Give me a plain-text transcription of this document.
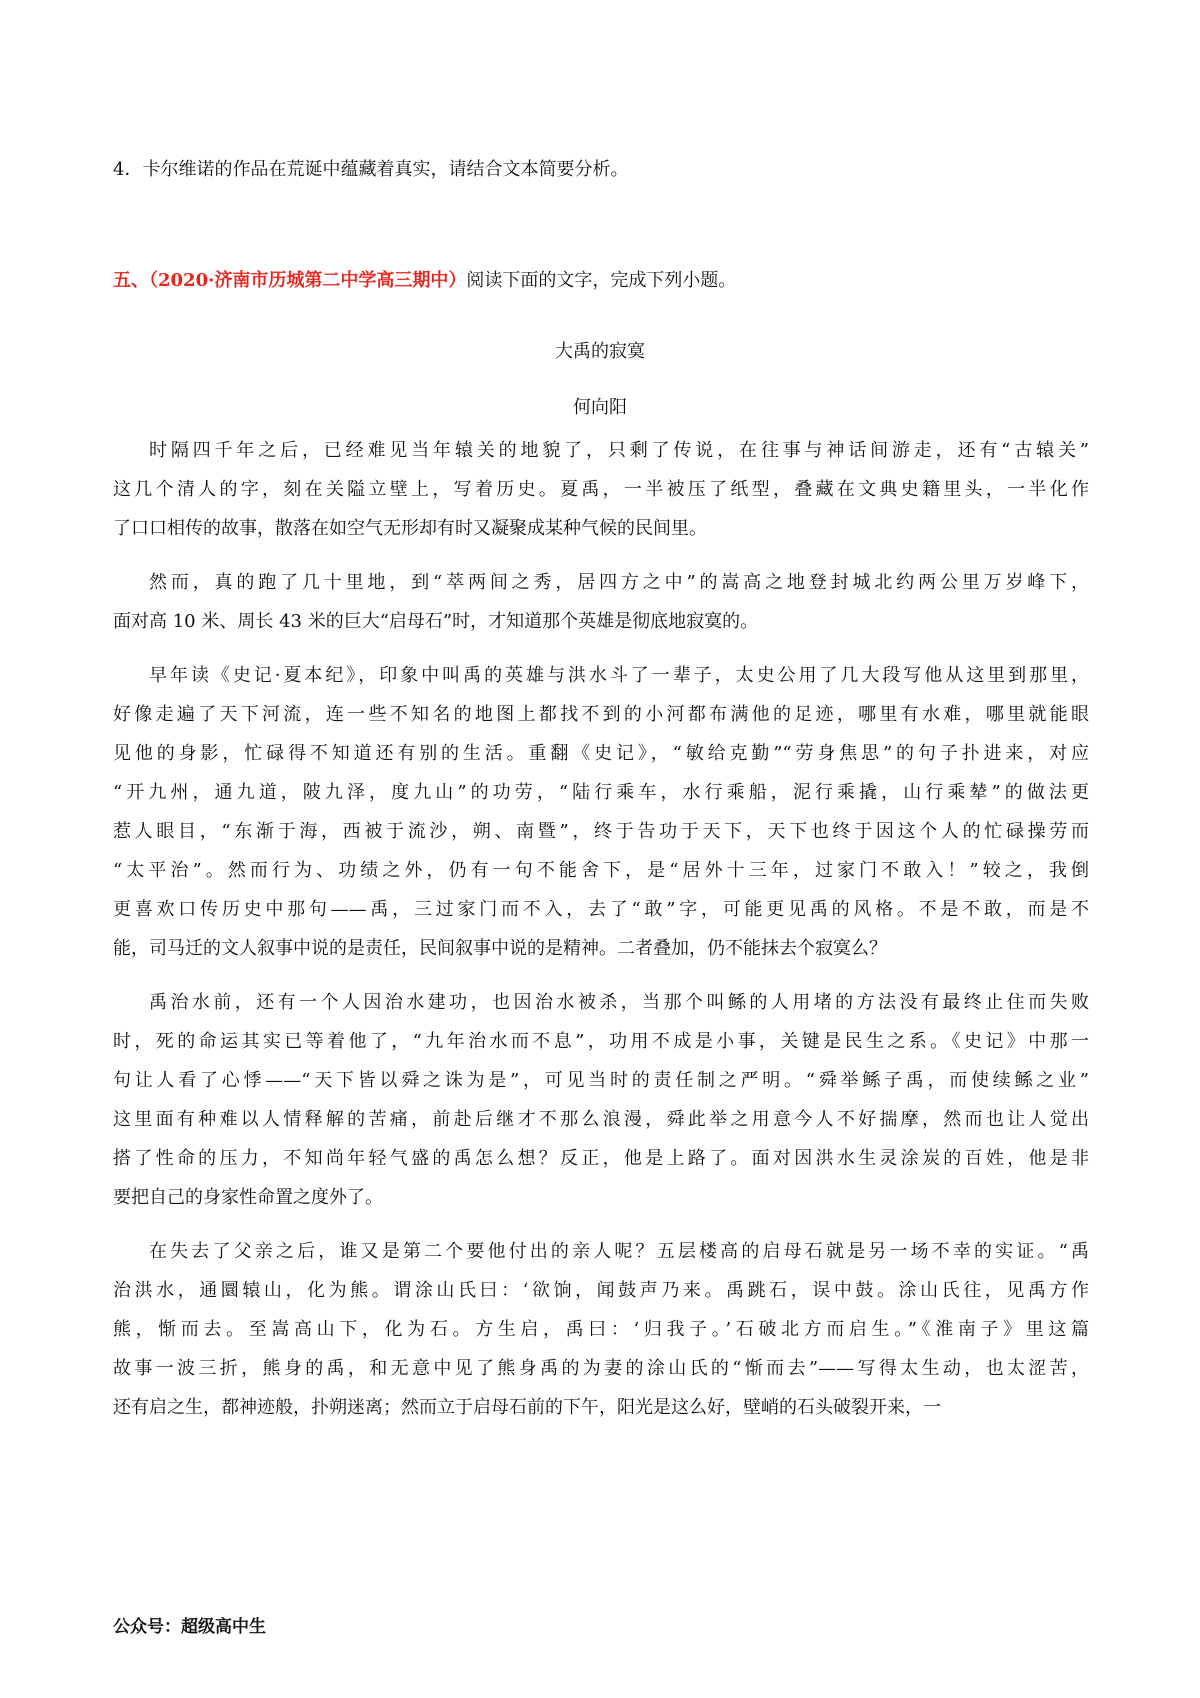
4．卡尔维诺的作品在荒诞中蕴藏着真实，请结合文本简要分析。
五、（2020·济南市历城第二中学高三期中）阅读下面的文字，完成下列小题。
大禹的寂寞
何向阳
时隔四千年之后，已经难见当年辕关的地貌了，只剩了传说，在往事与神话间游走，还有“古辕关”
这几个清人的字，刻在关隘立壁上，写着历史。夏禹，一半被压了纸型，叠藏在文典史籍里头，一半化作
了口口相传的故事，散落在如空气无形却有时又凝聚成某种气候的民间里。
然而，真的跑了几十里地，到“萃两间之秀，居四方之中”的嵩高之地登封城北约两公里万岁峰下，
面对高 10 米、周长 43 米的巨大“启母石”时，才知道那个英雄是彻底地寂寞的。
早年读《史记·夏本纪》，印象中叫禹的英雄与洪水斗了一辈子，太史公用了几大段写他从这里到那里，
好像走遍了天下河流，连一些不知名的地图上都找不到的小河都布满他的足迹，哪里有水难，哪里就能眼
见他的身影，忙碌得不知道还有别的生活。重翻《史记》，“敏给克勤”“劳身焦思”的句子扑进来，对应
“开九州，通九道，陂九泽，度九山”的功劳，“陆行乘车，水行乘船，泥行乘撬，山行乘辇”的做法更
惹人眼目，“东渐于海，西被于流沙，朔、南暨”，终于告功于天下，天下也终于因这个人的忙碌操劳而
“太平治”。然而行为、功绩之外，仍有一句不能舍下，是“居外十三年，过家门不敢入！”较之，我倒
更喜欢口传历史中那句——禹，三过家门而不入，去了“敢”字，可能更见禹的风格。不是不敢，而是不
能，司马迁的文人叙事中说的是责任，民间叙事中说的是精神。二者叠加，仍不能抹去个寂寞么？
禹治水前，还有一个人因治水建功，也因治水被杀，当那个叫鲧的人用堵的方法没有最终止住而失败
时，死的命运其实已等着他了，“九年治水而不息”，功用不成是小事，关键是民生之系。《史记》中那一
句让人看了心悸——“天下皆以舜之诛为是”，可见当时的责任制之严明。“舜举鲧子禹，而使续鲧之业”
这里面有种难以人情释解的苦痛，前赴后继才不那么浪漫，舜此举之用意今人不好揣摩，然而也让人觉出
搭了性命的压力，不知尚年轻气盛的禹怎么想？反正，他是上路了。面对因洪水生灵涂炭的百姓，他是非
要把自己的身家性命置之度外了。
在失去了父亲之后，谁又是第二个要他付出的亲人呢？五层楼高的启母石就是另一场不幸的实证。“禹
治洪水，通圜辕山，化为熊。谓涂山氏曰：‘欲饷，闻鼓声乃来。禹跳石，误中鼓。涂山氏往，见禹方作
熊，惭而去。至嵩高山下，化为石。方生启，禹曰：‘归我子。’石破北方而启生。”《淮南子》里这篇
故事一波三折，熊身的禹，和无意中见了熊身禹的为妻的涂山氏的“惭而去”——写得太生动，也太涩苦，
还有启之生，都神迹般，扑朔迷离；然而立于启母石前的下午，阳光是这么好，壁峭的石头破裂开来，一
公众号：超级高中生
